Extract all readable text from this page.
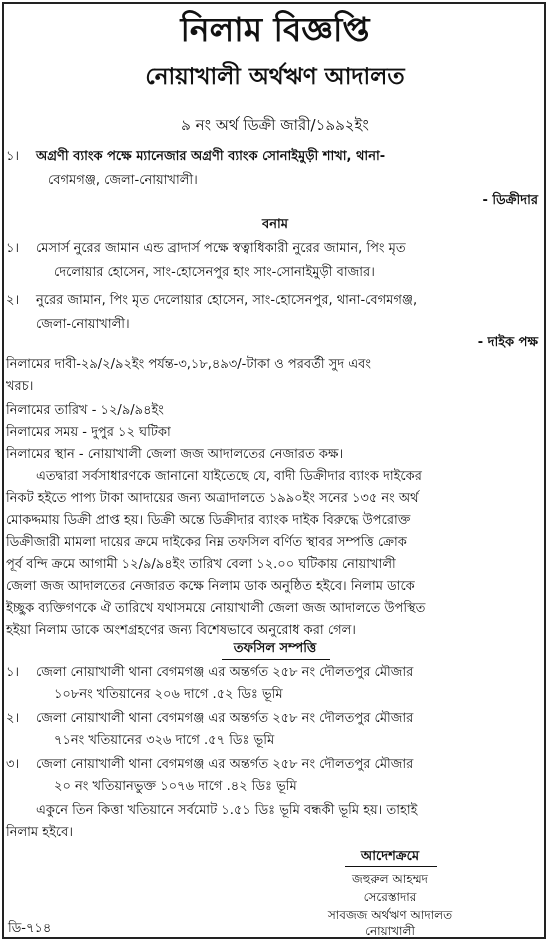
নিলাম বিজ্ঞপ্তি
নোয়াখালী অর্থঋণ আদালত
৯ নং অর্থ ডিক্রী জারী/১৯৯২ইং
১। অগ্রণী ব্যাংক পক্ষে ম্যানেজার অগ্রণী ব্যাংক সোনাইমুড়ী শাখা, থানা-
বেগমগঞ্জ, জেলা-নোয়াখালী।
- ডিক্রীদার
বনাম
১। মেসার্স নুরের জামান এন্ড ব্রাদার্স পক্ষে স্বত্বাধিকারী নুরের জামান, পিং মৃত
দেলোয়ার হোসেন, সাং-হোসেনপুর হাং সাং-সোনাইমুড়ী বাজার।
২। নুরের জামান, পিং মৃত দেলোয়ার হোসেন, সাং-হোসেনপুর, থানা-বেগমগঞ্জ,
জেলা-নোয়াখালী।
- দাইক পক্ষ
নিলামের দাবী-২৯/২/৯২ইং পর্যন্ত-৩,১৮,৪৯৩/-টাকা ও পরবর্তী সুদ এবং
খরচ।
নিলামের তারিখ - ১২/৯/৯৪ইং
নিলামের সময় - দুপুর ১২ ঘটিকা
নিলামের স্থান - নোয়াখালী জেলা জজ আদালতের নেজারত কক্ষ।
এতদ্বারা সর্বসাধারণকে জানানো যাইতেছে যে, বাদী ডিক্রীদার ব্যাংক দাইকের
নিকট হইতে পাপ্য টাকা আদায়ের জন্য অত্রাদালতে ১৯৯০ইং সনের ১৩৫ নং অর্থ
মোকদ্দমায় ডিক্রী প্রাপ্ত হয়। ডিক্রী অন্তে ডিক্রীদার ব্যাংক দাইক বিরুদ্ধে উপরোক্ত
ডিক্রীজারী মামলা দায়ের ক্রমে দাইকের নিম্ন তফসিল বর্ণিত স্থাবর সম্পত্তি ক্রোক
পূর্ব বন্দি ক্রমে আগামী ১২/৯/৯৪ইং তারিখ বেলা ১২.০০ ঘটিকায় নোয়াখালী
জেলা জজ আদালতের নেজারত কক্ষে নিলাম ডাক অনুষ্ঠিত হইবে। নিলাম ডাকে
ইচ্ছুক ব্যক্তিগণকে ঐ তারিখে যথাসময়ে নোয়াখালী জেলা জজ আদালতে উপস্থিত
হইয়া নিলাম ডাকে অংশগ্রহণের জন্য বিশেষভাবে অনুরোধ করা গেল।
তফসিল সম্পত্তি
১। জেলা নোয়াখালী থানা বেগমগঞ্জ এর অন্তর্গত ২৫৮ নং দৌলতপুর মৌজার
১০৮নং খতিয়ানের ২০৬ দাগে .৫২ ডিঃ ভূমি
২। জেলা নোয়াখালী থানা বেগমগঞ্জ এর অন্তর্গত ২৫৮ নং দৌলতপুর মৌজার
৭১নং খতিয়ানের ৩২৬ দাগে .৫৭ ডিঃ ভূমি
৩। জেলা নোয়াখালী থানা বেগমগঞ্জ এর অন্তর্গত ২৫৮ নং দৌলতপুর মৌজার
২০ নং খতিয়ানভুক্ত ১০৭৬ দাগে .৪২ ডিঃ ভূমি
একুনে তিন কিত্তা খতিয়ানে সর্বমোট ১.৫১ ডিঃ ভূমি বন্ধকী ভূমি হয়। তাহাই
নিলাম হইবে।
আদেশক্রমে
জহুরুল আহম্মদ
সেরেস্তাদার
সাবজজ অর্থঋণ আদালত
নোয়াখালী
ডি-৭১৪
